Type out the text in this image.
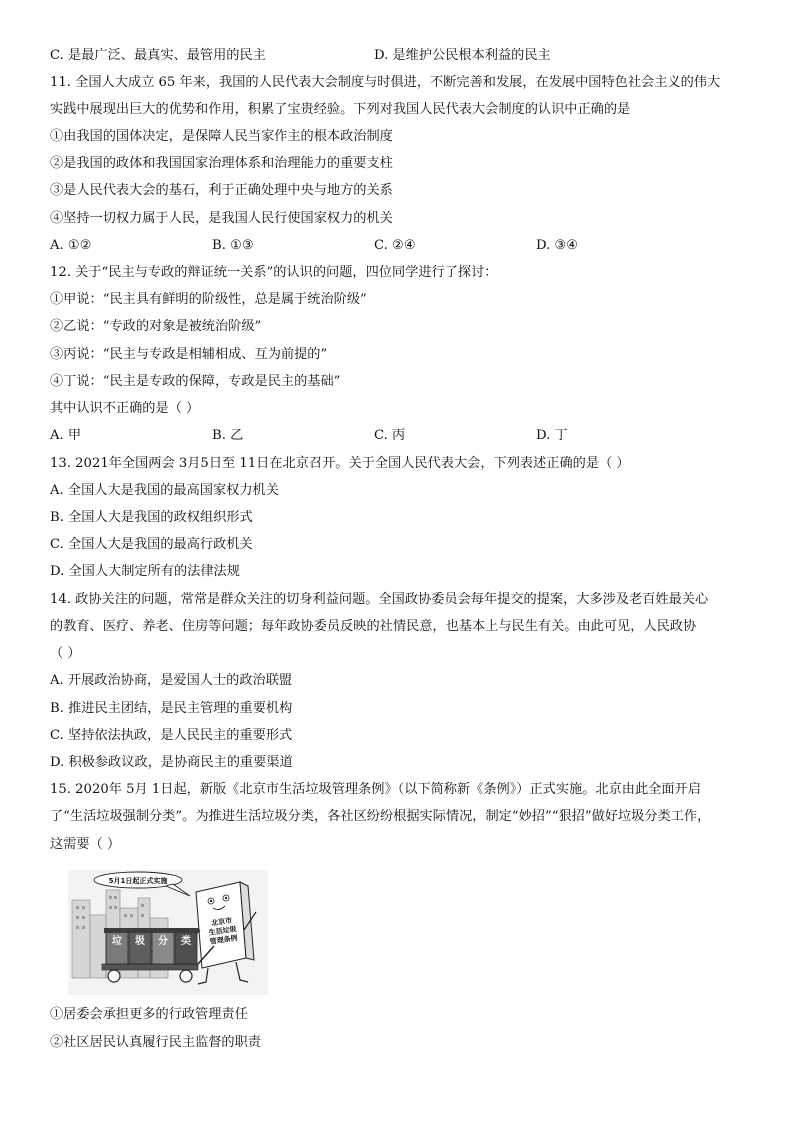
C. 是最广泛、最真实、最管用的民主	D. 是维护公民根本利益的民主
11. 全国人大成立 65 年来，我国的人民代表大会制度与时俱进，不断完善和发展，在发展中国特色社会主义的伟大
实践中展现出巨大的优势和作用，积累了宝贵经验。下列对我国人民代表大会制度的认识中正确的是
①由我国的国体决定，是保障人民当家作主的根本政治制度
②是我国的政体和我国国家治理体系和治理能力的重要支柱
③是人民代表大会的基石，利于正确处理中央与地方的关系
④坚持一切权力属于人民，是我国人民行使国家权力的机关
A. ①②	B. ①③	C. ②④	D. ③④
12. 关于“民主与专政的辩证统一关系”的认识的问题，四位同学进行了探讨：
①甲说：“民主具有鲜明的阶级性，总是属于统治阶级”
②乙说：“专政的对象是被统治阶级”
③丙说：“民主与专政是相辅相成、互为前提的”
④丁说：“民主是专政的保障，专政是民主的基础”
其中认识不正确的是（ ）
A. 甲	B. 乙	C. 丙	D. 丁
13. 2021年全国两会 3月5日至 11日在北京召开。关于全国人民代表大会，下列表述正确的是（ ）
A. 全国人大是我国的最高国家权力机关
B. 全国人大是我国的政权组织形式
C. 全国人大是我国的最高行政机关
D. 全国人大制定所有的法律法规
14. 政协关注的问题，常常是群众关注的切身利益问题。全国政协委员会每年提交的提案，大多涉及老百姓最关心
的教育、医疗、养老、住房等问题；每年政协委员反映的社情民意，也基本上与民生有关。由此可见，人民政协
（ ）
A. 开展政治协商，是爱国人士的政治联盟
B. 推进民主团结，是民主管理的重要机构
C. 坚持依法执政，是人民民主的重要形式
D. 积极参政议政，是协商民主的重要渠道
15. 2020年 5月 1日起，新版《北京市生活垃圾管理条例》（以下简称新《条例》）正式实施。北京由此全面开启
了“生活垃圾强制分类”。为推进生活垃圾分类，各社区纷纷根据实际情况，制定“妙招”“狠招”做好垃圾分类工作，
这需要（ ）
5月1日起正式实施
北京市
生活垃圾
管理条例
垃 圾 分 类
①居委会承担更多的行政管理责任
②社区居民认真履行民主监督的职责
